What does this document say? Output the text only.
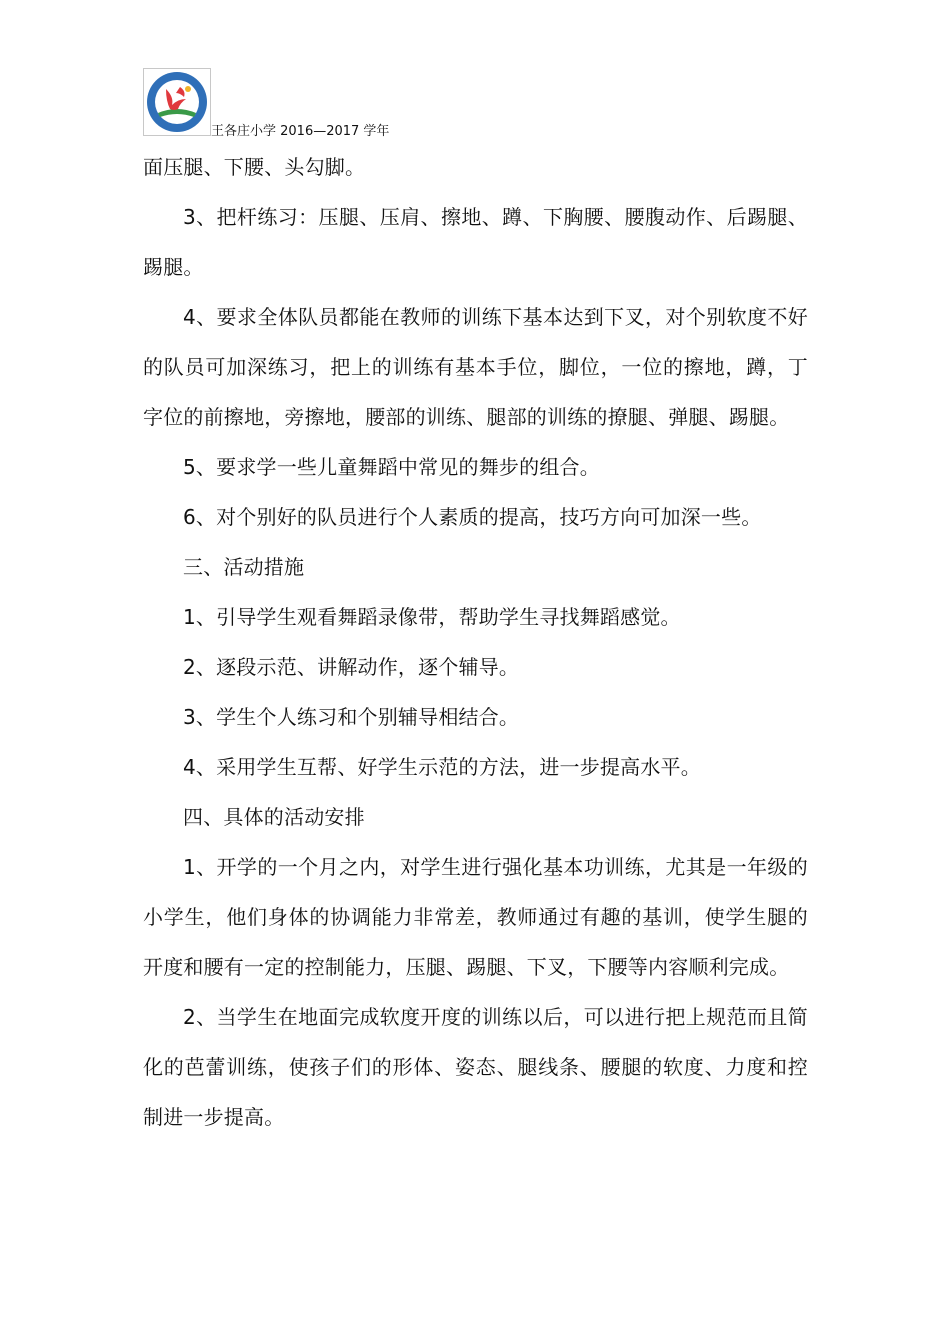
王各庄小学 2016—2017 学年

面压腿、下腰、头勾脚。

3、把杆练习：压腿、压肩、擦地、蹲、下胸腰、腰腹动作、后踢腿、踢腿。

4、要求全体队员都能在教师的训练下基本达到下叉，对个别软度不好的队员可加深练习，把上的训练有基本手位，脚位，一位的擦地，蹲，丁字位的前擦地，旁擦地，腰部的训练、腿部的训练的撩腿、弹腿、踢腿。

5、要求学一些儿童舞蹈中常见的舞步的组合。

6、对个别好的队员进行个人素质的提高，技巧方向可加深一些。

三、活动措施

1、引导学生观看舞蹈录像带，帮助学生寻找舞蹈感觉。

2、逐段示范、讲解动作，逐个辅导。

3、学生个人练习和个别辅导相结合。

4、采用学生互帮、好学生示范的方法，进一步提高水平。

四、具体的活动安排

1、开学的一个月之内，对学生进行强化基本功训练，尤其是一年级的小学生，他们身体的协调能力非常差，教师通过有趣的基训，使学生腿的开度和腰有一定的控制能力，压腿、踢腿、下叉，下腰等内容顺利完成。

2、当学生在地面完成软度开度的训练以后，可以进行把上规范而且简化的芭蕾训练，使孩子们的形体、姿态、腿线条、腰腿的软度、力度和控制进一步提高。
